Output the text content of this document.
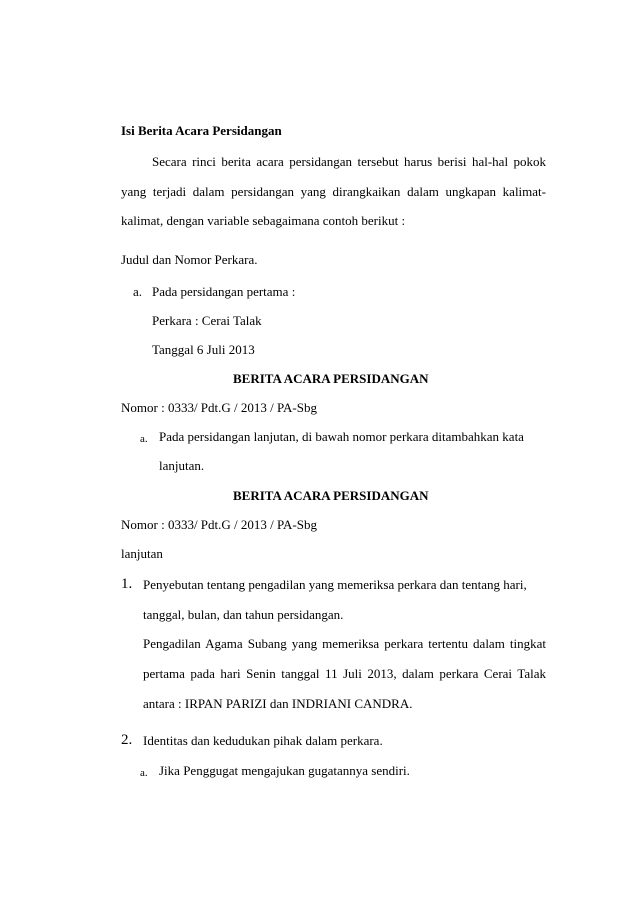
Isi Berita Acara Persidangan
Secara rinci berita acara persidangan tersebut harus berisi hal-hal pokok
yang terjadi dalam persidangan yang dirangkaikan dalam ungkapan kalimat-
kalimat, dengan variable sebagaimana contoh berikut :
Judul dan Nomor Perkara.
a. Pada persidangan pertama :
Perkara : Cerai Talak
Tanggal 6 Juli 2013
BERITA ACARA PERSIDANGAN
Nomor : 0333/ Pdt.G / 2013 / PA-Sbg
a. Pada persidangan lanjutan, di bawah nomor perkara ditambahkan kata
lanjutan.
BERITA ACARA PERSIDANGAN
Nomor : 0333/ Pdt.G / 2013 / PA-Sbg
lanjutan
1. Penyebutan tentang pengadilan yang memeriksa perkara dan tentang hari,
tanggal, bulan, dan tahun persidangan.
Pengadilan Agama Subang yang memeriksa perkara tertentu dalam tingkat
pertama pada hari Senin tanggal 11 Juli 2013, dalam perkara Cerai Talak
antara : IRPAN PARIZI dan INDRIANI CANDRA.
2. Identitas dan kedudukan pihak dalam perkara.
a. Jika Penggugat mengajukan gugatannya sendiri.
